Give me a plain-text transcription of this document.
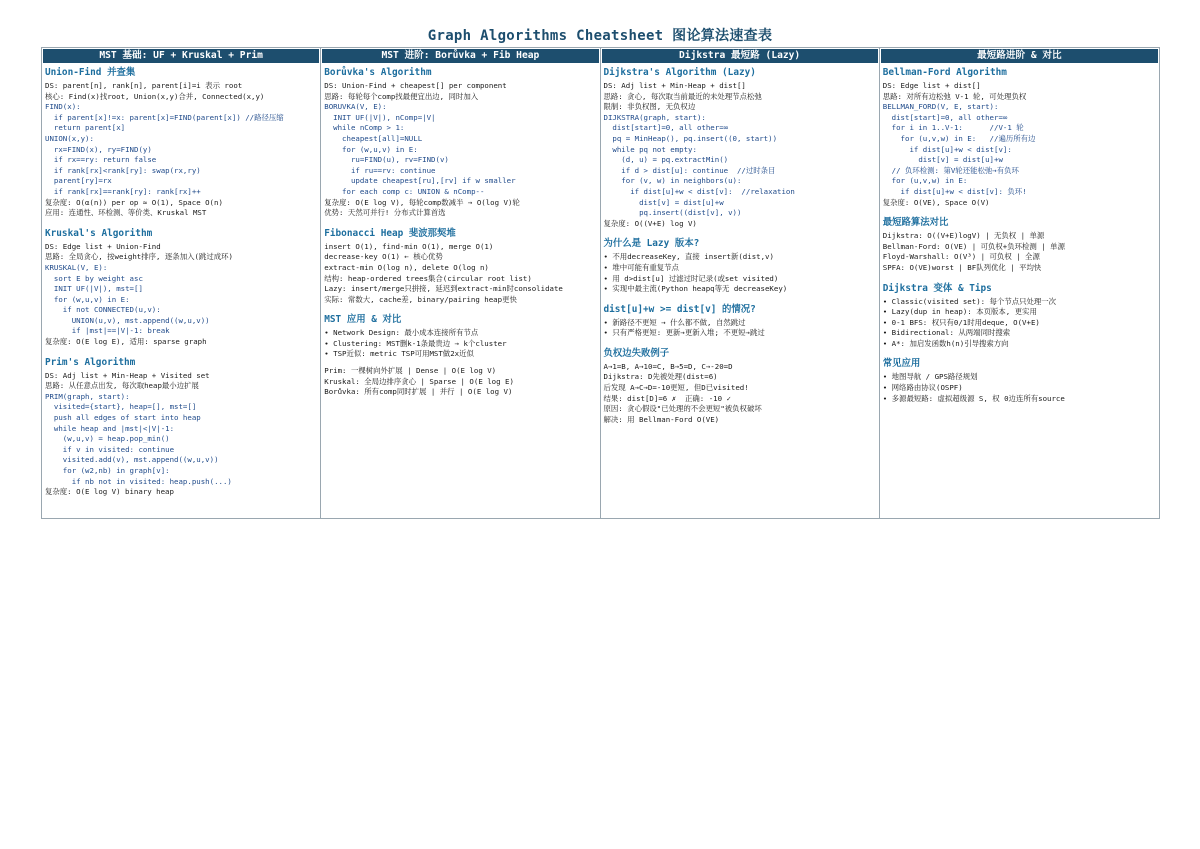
Graph Algorithms Cheatsheet 图论算法速查表
MST 基础: UF + Kruskal + Prim
Union-Find 并查集
DS: parent[n], rank[n], parent[i]=i 表示 root
核心: Find(x)找root, Union(x,y)合并, Connected(x,y)
FIND(x):
if parent[x]!=x: parent[x]=FIND(parent[x]) //路径压缩
return parent[x]
UNION(x,y):
rx=FIND(x), ry=FIND(y)
if rx==ry: return false
if rank[rx]<rank[ry]: swap(rx,ry)
parent[ry]=rx
if rank[rx]==rank[ry]: rank[rx]++
复杂度: O(α(n)) per op ≈ O(1), Space O(n)
应用: 连通性、环检测、等价类、Kruskal MST
Kruskal's Algorithm
DS: Edge list + Union-Find
思路: 全局贪心, 按weight排序, 逐条加入(跳过成环)
KRUSKAL(V, E):
sort E by weight asc
INIT UF(|V|), mst=[]
for (w,u,v) in E:
if not CONNECTED(u,v):
UNION(u,v), mst.append((w,u,v))
if |mst|==|V|-1: break
复杂度: O(E log E), 适用: sparse graph
Prim's Algorithm
DS: Adj list + Min-Heap + Visited set
思路: 从任意点出发, 每次取heap最小边扩展
PRIM(graph, start):
visited={start}, heap=[], mst=[]
push all edges of start into heap
while heap and |mst|<|V|-1:
(w,u,v) = heap.pop_min()
if v in visited: continue
visited.add(v), mst.append((w,u,v))
for (w2,nb) in graph[v]:
if nb not in visited: heap.push(...)
复杂度: O(E log V) binary heap
MST 进阶: Borůvka + Fib Heap
Borůvka's Algorithm
DS: Union-Find + cheapest[] per component
思路: 每轮每个comp找最便宜出边, 同时加入
BORUVKA(V, E):
INIT UF(|V|), nComp=|V|
while nComp > 1:
cheapest[all]=NULL
for (w,u,v) in E:
ru=FIND(u), rv=FIND(v)
if ru==rv: continue
update cheapest[ru],[rv] if w smaller
for each comp c: UNION & nComp--
复杂度: O(E log V), 每轮comp数减半 → O(log V)轮
优势: 天然可并行! 分布式计算首选
Fibonacci Heap 斐波那契堆
insert O(1), find-min O(1), merge O(1)
decrease-key O(1) ← 核心优势
extract-min O(log n), delete O(log n)
结构: heap-ordered trees集合(circular root list)
Lazy: insert/merge只拼接, 延迟到extract-min时consolidate
实际: 常数大, cache差, binary/pairing heap更快
MST 应用 & 对比
• Network Design: 最小成本连接所有节点
• Clustering: MST删k-1条最贵边 → k个cluster
• TSP近似: metric TSP可用MST做2x近似
Prim: 一棵树向外扩展 | Dense | O(E log V)
Kruskal: 全局边排序贪心 | Sparse | O(E log E)
Borůvka: 所有comp同时扩展 | 并行 | O(E log V)
Dijkstra 最短路 (Lazy)
Dijkstra's Algorithm (Lazy)
DS: Adj list + Min-Heap + dist[]
思路: 贪心, 每次取当前最近的未处理节点松弛
限制: 非负权图, 无负权边
DIJKSTRA(graph, start):
dist[start]=0, all other=∞
pq = MinHeap(), pq.insert((0, start))
while pq not empty:
(d, u) = pq.extractMin()
if d > dist[u]: continue  //过时条目
for (v, w) in neighbors(u):
if dist[u]+w < dist[v]:  //relaxation
dist[v] = dist[u]+w
pq.insert((dist[v], v))
复杂度: O((V+E) log V)
为什么是 Lazy 版本?
• 不用decreaseKey, 直接 insert新(dist,v)
• 堆中可能有重复节点
• 用 d>dist[u] 过滤过时记录(或set visited)
• 实现中最主流(Python heapq等无 decreaseKey)
dist[u]+w >= dist[v] 的情况?
• 新路径不更短 → 什么都不做, 自然跳过
• 只有严格更短: 更新→更新入堆; 不更短→跳过
负权边失败例子
A→1=B, A→10=C, B→5=D, C→-20=D
Dijkstra: D先被处理(dist=6)
后发现 A→C→D=-10更短, 但D已visited!
结果: dist[D]=6 ✗  正确: -10 ✓
原因: 贪心假设"已处理的不会更短"被负权破坏
解决: 用 Bellman-Ford O(VE)
最短路进阶 & 对比
Bellman-Ford Algorithm
DS: Edge list + dist[]
思路: 对所有边松弛 V-1 轮, 可处理负权
BELLMAN_FORD(V, E, start):
dist[start]=0, all other=∞
for i in 1..V-1:      //V-1 轮
for (u,v,w) in E:   //遍历所有边
if dist[u]+w < dist[v]:
dist[v] = dist[u]+w
// 负环检测: 第V轮还能松弛→有负环
for (u,v,w) in E:
if dist[u]+w < dist[v]: 负环!
复杂度: O(VE), Space O(V)
最短路算法对比
Dijkstra: O((V+E)logV) | 无负权 | 单源
Bellman-Ford: O(VE) | 可负权+负环检测 | 单源
Floyd-Warshall: O(V³) | 可负权 | 全源
SPFA: O(VE)worst | BF队列优化 | 平均快
Dijkstra 变体 & Tips
• Classic(visited set): 每个节点只处理一次
• Lazy(dup in heap): 本页版本, 更实用
• 0-1 BFS: 权只有0/1时用deque, O(V+E)
• Bidirectional: 从两端同时搜索
• A*: 加启发函数h(n)引导搜索方向
常见应用
• 地图导航 / GPS路径规划
• 网络路由协议(OSPF)
• 多源最短路: 虚拟超级源 S, 权 0边连所有source
